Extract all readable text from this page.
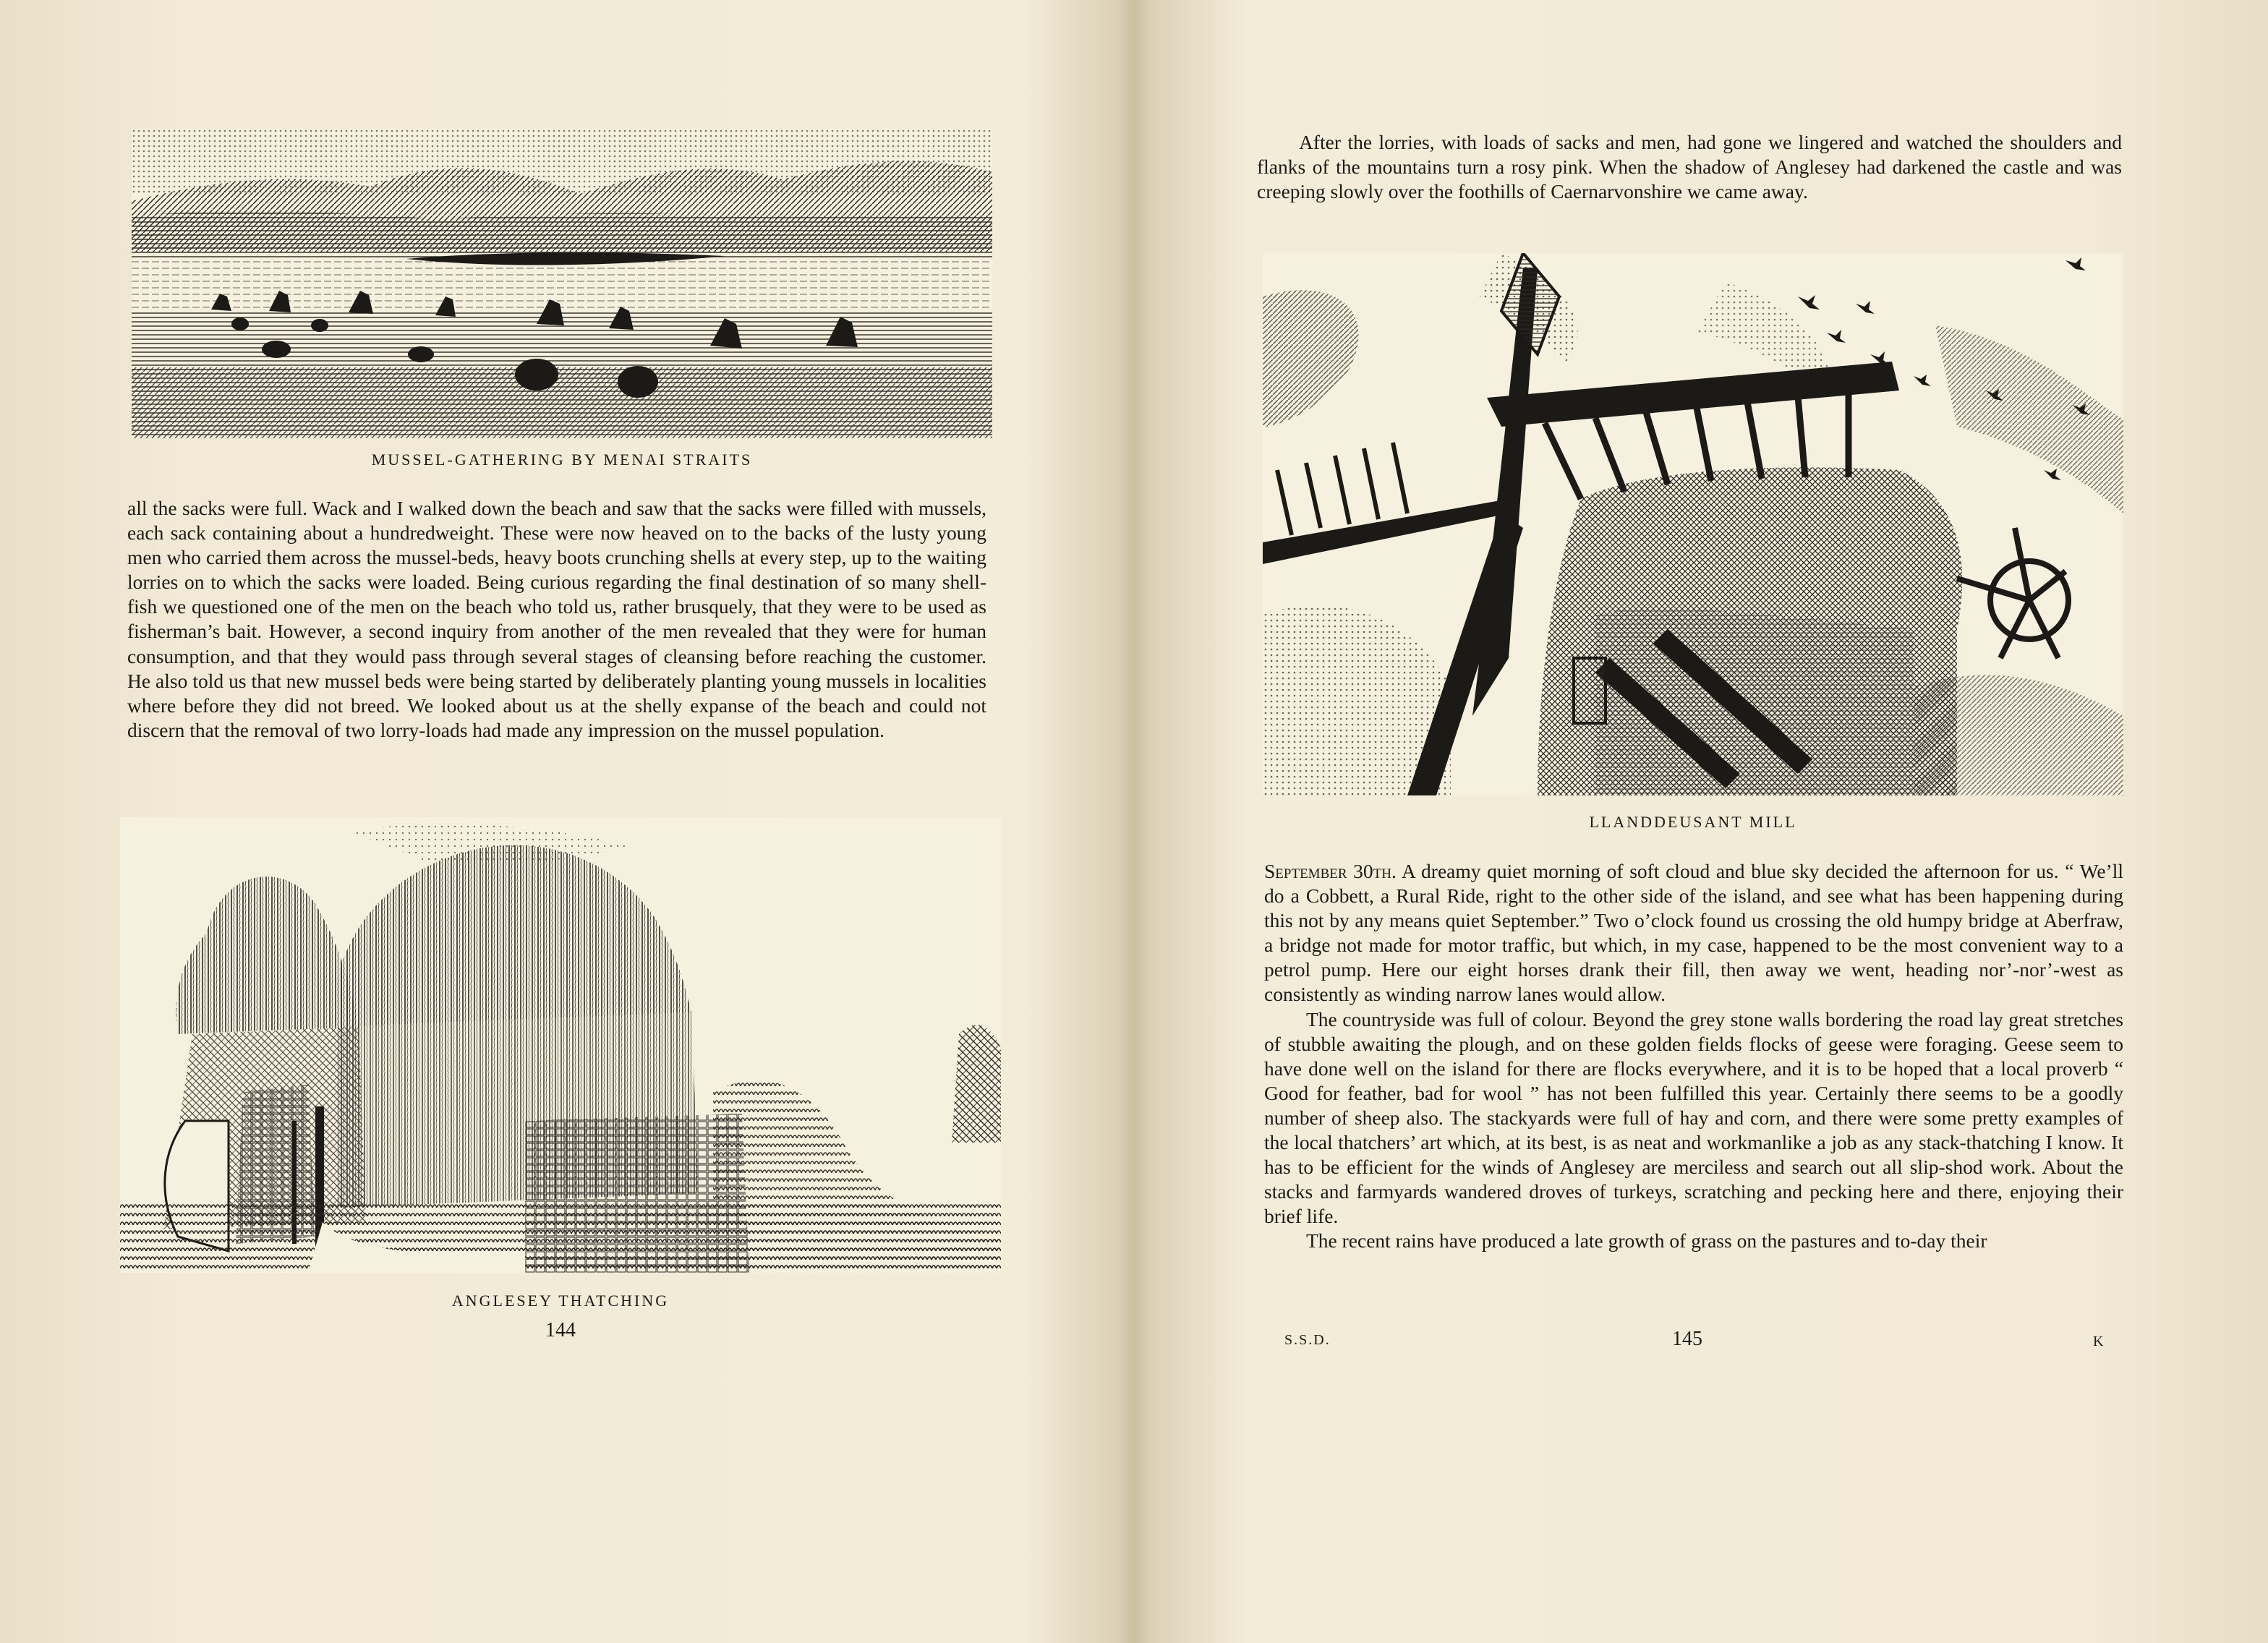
MUSSEL-GATHERING BY MENAI STRAITS

all the sacks were full. Wack and I walked down the beach and saw that the sacks were filled with mussels, each sack containing about a hundredweight. These were now heaved on to the backs of the lusty young men who carried them across the mussel-beds, heavy boots crunching shells at every step, up to the waiting lorries on to which the sacks were loaded. Being curious regarding the final destination of so many shell-fish we questioned one of the men on the beach who told us, rather brusquely, that they were to be used as fisherman’s bait. However, a second inquiry from another of the men revealed that they were for human consumption, and that they would pass through several stages of cleansing before reaching the customer. He also told us that new mussel beds were being started by deliberately planting young mussels in localities where before they did not breed. We looked about us at the shelly expanse of the beach and could not discern that the removal of two lorry-loads had made any impression on the mussel population.

ANGLESEY THATCHING
144

After the lorries, with loads of sacks and men, had gone we lingered and watched the shoulders and flanks of the mountains turn a rosy pink. When the shadow of Anglesey had darkened the castle and was creeping slowly over the foothills of Caernarvonshire we came away.

LLANDDEUSANT MILL

September 30th. A dreamy quiet morning of soft cloud and blue sky decided the afternoon for us. “ We’ll do a Cobbett, a Rural Ride, right to the other side of the island, and see what has been happening during this not by any means quiet September.” Two o’clock found us crossing the old humpy bridge at Aberfraw, a bridge not made for motor traffic, but which, in my case, happened to be the most convenient way to a petrol pump. Here our eight horses drank their fill, then away we went, heading nor’-nor’-west as consistently as winding narrow lanes would allow.

The countryside was full of colour. Beyond the grey stone walls bordering the road lay great stretches of stubble awaiting the plough, and on these golden fields flocks of geese were foraging. Geese seem to have done well on the island for there are flocks everywhere, and it is to be hoped that a local proverb “ Good for feather, bad for wool ” has not been fulfilled this year. Certainly there seems to be a goodly number of sheep also. The stackyards were full of hay and corn, and there were some pretty examples of the local thatchers’ art which, at its best, is as neat and workmanlike a job as any stack-thatching I know. It has to be efficient for the winds of Anglesey are merciless and search out all slip-shod work. About the stacks and farmyards wandered droves of turkeys, scratching and pecking here and there, enjoying their brief life.

The recent rains have produced a late growth of grass on the pastures and to-day their

S.S.D.	145	K
